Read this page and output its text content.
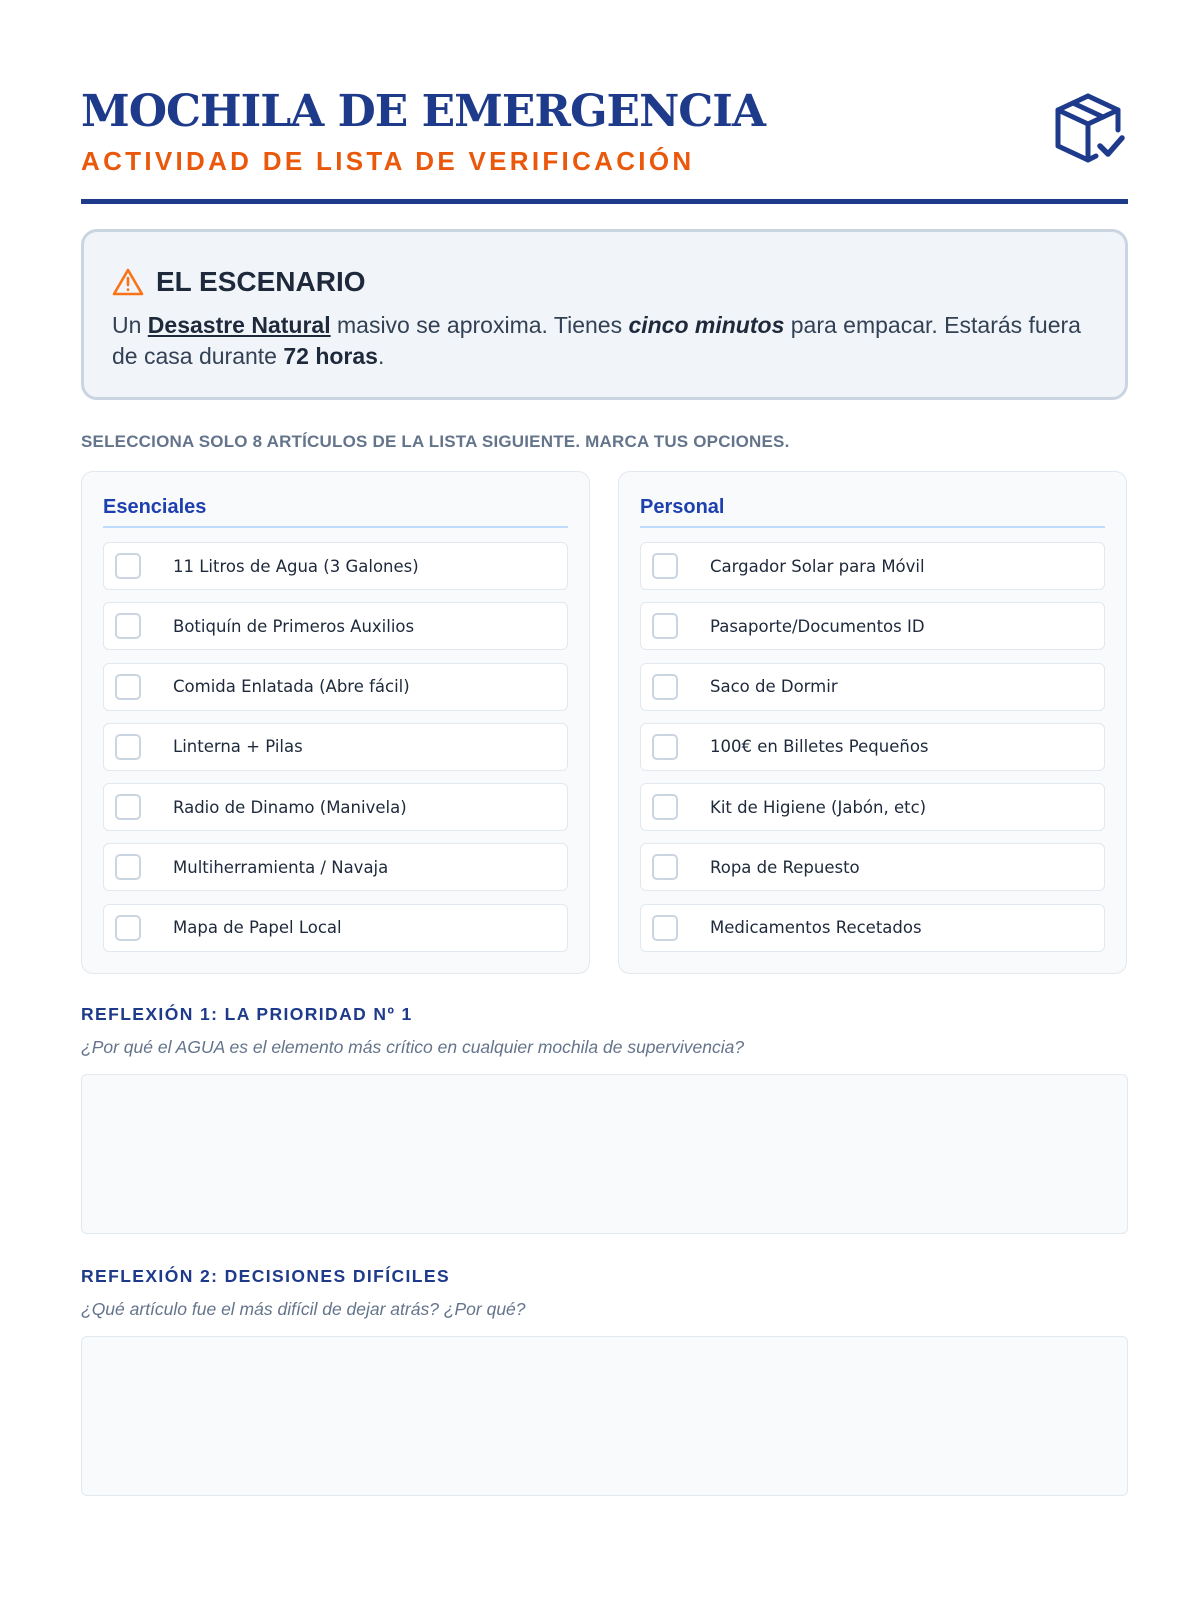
MOCHILA DE EMERGENCIA
ACTIVIDAD DE LISTA DE VERIFICACIÓN
EL ESCENARIO
Un Desastre Natural masivo se aproxima. Tienes cinco minutos para empacar. Estarás fuera de casa durante 72 horas.
SELECCIONA SOLO 8 ARTÍCULOS DE LA LISTA SIGUIENTE. MARCA TUS OPCIONES.
Esenciales
11 Litros de Agua (3 Galones)
Botiquín de Primeros Auxilios
Comida Enlatada (Abre fácil)
Linterna + Pilas
Radio de Dinamo (Manivela)
Multiherramienta / Navaja
Mapa de Papel Local
Personal
Cargador Solar para Móvil
Pasaporte/Documentos ID
Saco de Dormir
100€ en Billetes Pequeños
Kit de Higiene (Jabón, etc)
Ropa de Repuesto
Medicamentos Recetados
REFLEXIÓN 1: LA PRIORIDAD Nº 1
¿Por qué el AGUA es el elemento más crítico en cualquier mochila de supervivencia?
REFLEXIÓN 2: DECISIONES DIFÍCILES
¿Qué artículo fue el más difícil de dejar atrás? ¿Por qué?
